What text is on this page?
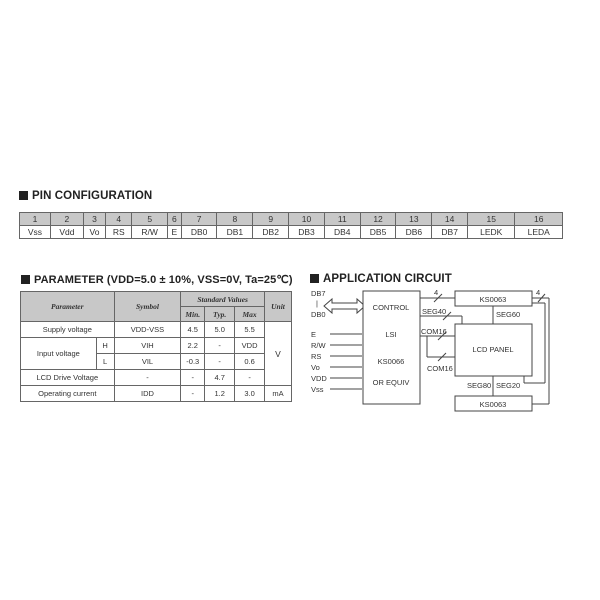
PIN CONFIGURATION
1	2	3	4	5	6	7	8	9	10	11	12	13	14	15	16
Vss	Vdd	Vo	RS	R/W	E	DB0	DB1	DB2	DB3	DB4	DB5	DB6	DB7	LEDK	LEDA
PARAMETER (VDD=5.0 ± 10%, VSS=0V, Ta=25℃)
Parameter		Symbol	Standard Values			Unit
			Min.	Typ.	Max	
Supply voltage		VDD-VSS	4.5	5.0	5.5	V
Input voltage	H	VIH	2.2	-	VDD	
	L	VIL	-0.3	-	0.6	
LCD Drive Voltage		-	-	4.7	-	
Operating current		IDD	-	1.2	3.0	mA
APPLICATION CIRCUIT
DB7
|
DB0
E
R/W
RS
Vo
VDD
Vss
CONTROL
LSI
KS0066
OR EQUIV
KS0063
KS0063
LCD PANEL
4	4
SEG40	SEG60
COM16
COM16
SEG80 SEG20
